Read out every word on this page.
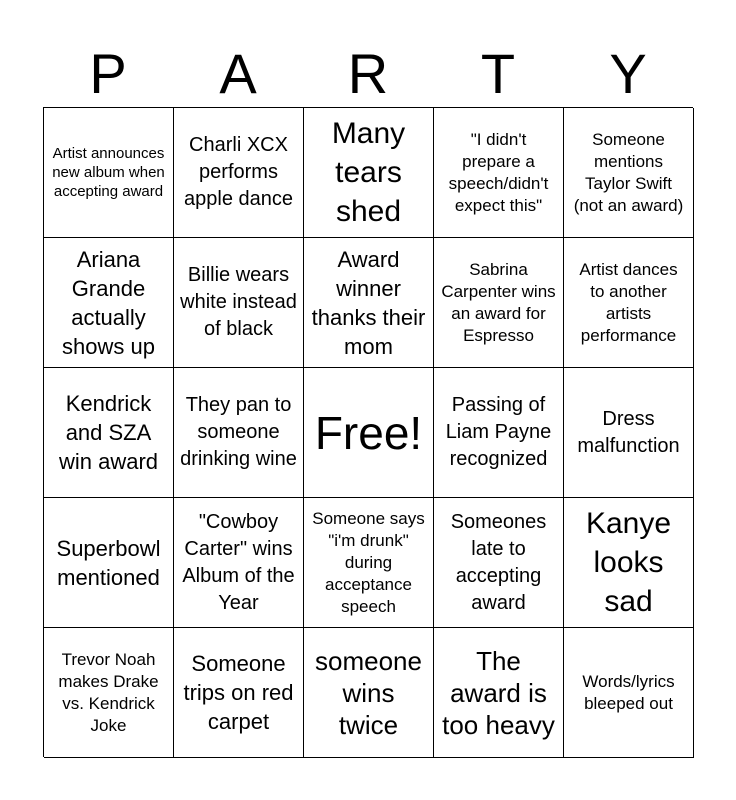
P	A	R	T	Y
Artist announces new album when accepting award
Charli XCX performs apple dance
Many tears shed
"I didn't prepare a speech/didn't expect this"
Someone mentions Taylor Swift (not an award)
Ariana Grande actually shows up
Billie wears white instead of black
Award winner thanks their mom
Sabrina Carpenter wins an award for Espresso
Artist dances to another artists performance
Kendrick and SZA win award
They pan to someone drinking wine
Free!
Passing of Liam Payne recognized
Dress malfunction
Superbowl mentioned
"Cowboy Carter" wins Album of the Year
Someone says "i'm drunk" during acceptance speech
Someones late to accepting award
Kanye looks sad
Trevor Noah makes Drake vs. Kendrick Joke
Someone trips on red carpet
someone wins twice
The award is too heavy
Words/lyrics bleeped out
